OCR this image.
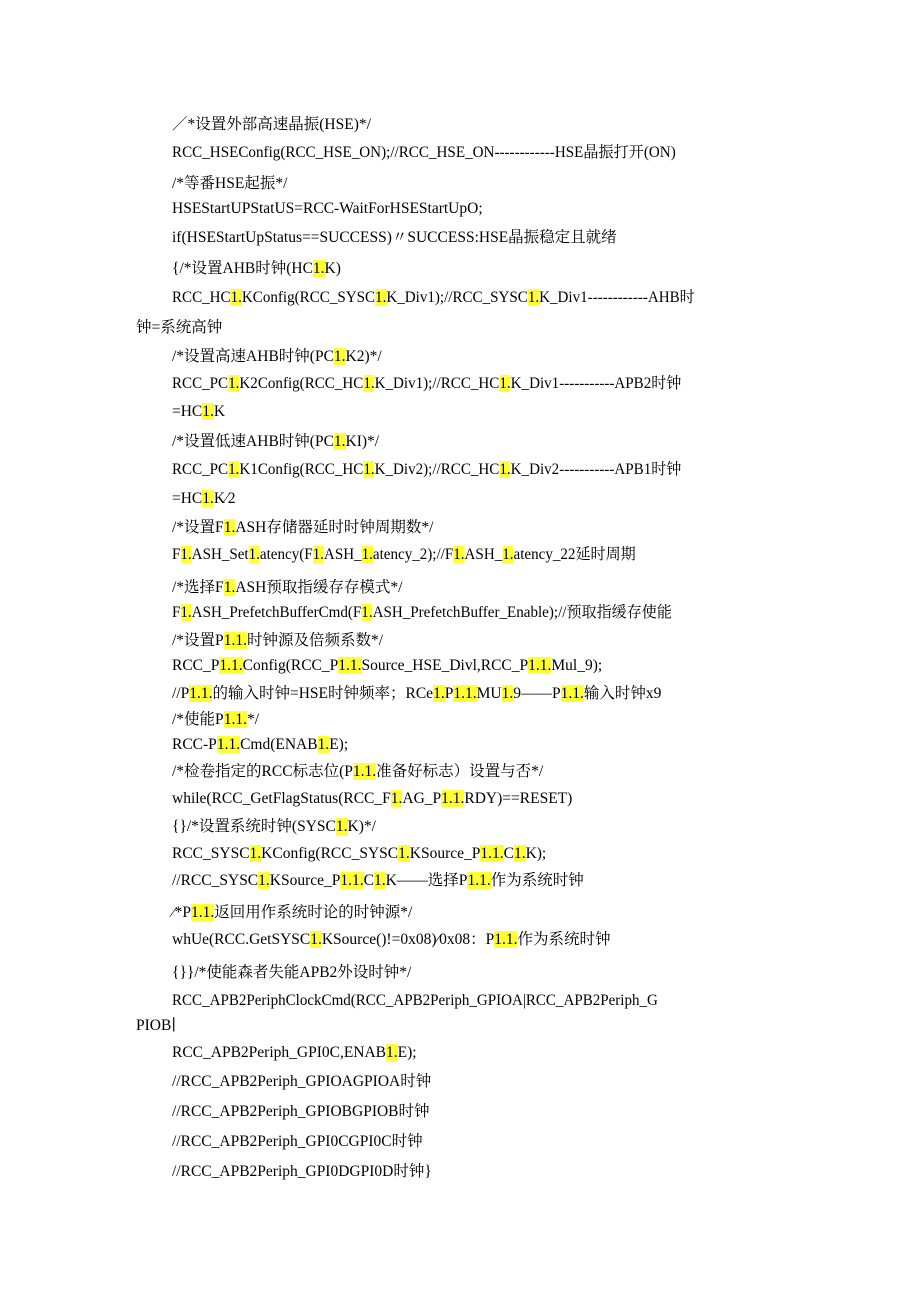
／*设置外部高速晶振(HSE)*/
RCC_HSEConfig(RCC_HSE_ON);//RCC_HSE_ON------------HSE晶振打开(ON)
/*等番HSE起振*/
HSEStartUPStatUS=RCC-WaitForHSEStartUpO;
if(HSEStartUpStatus==SUCCESS)〃SUCCESS:HSE晶振稳定且就绪
{/*设置AHB时钟(HC1.K)
RCC_HC1.KConfig(RCC_SYSC1.K_Div1);//RCC_SYSC1.K_Div1------------AHB时
钟=系统高钟
/*设置高速AHB时钟(PC1.K2)*/
RCC_PC1.K2Config(RCC_HC1.K_Div1);//RCC_HC1.K_Div1-----------APB2时钟
=HC1.K
/*设置低速AHB时钟(PC1.KI)*/
RCC_PC1.K1Config(RCC_HC1.K_Div2);//RCC_HC1.K_Div2-----------APB1时钟
=HC1.K∕2
/*设置F1.ASH存储器延时时钟周期数*/
F1.ASH_Set1.atency(F1.ASH_1.atency_2);//F1.ASH_1.atency_22延时周期
/*选择F1.ASH预取指缓存存模式*/
F1.ASH_PrefetchBufferCmd(F1.ASH_PrefetchBuffer_Enable);//预取指缓存使能
/*设置P1.1.时钟源及倍频系数*/
RCC_P1.1.Config(RCC_P1.1.Source_HSE_Divl,RCC_P1.1.Mul_9);
//P1.1.的输入时钟=HSE时钟频率；RCe1.P1.1.MU1.9——P1.1.输入时钟x9
/*使能P1.1.*/
RCC-P1.1.Cmd(ENAB1.E);
/*检卷指定的RCC标志位(P1.1.准备好标志）设置与否*/
while(RCC_GetFlagStatus(RCC_F1.AG_P1.1.RDY)==RESET)
{}/*设置系统时钟(SYSC1.K)*/
RCC_SYSC1.KConfig(RCC_SYSC1.KSource_P1.1.C1.K);
//RCC_SYSC1.KSource_P1.1.C1.K——选择P1.1.作为系统时钟
∕*P1.1.返回用作系统时论的时钟源*/
whUe(RCC.GetSYSC1.KSource()!=0x08)∕0x08：P1.1.作为系统时钟
{}}/*使能森者失能APB2外设时钟*/
RCC_APB2PeriphClockCmd(RCC_APB2Periph_GPIOA|RCC_APB2Periph_G
PIOB∣
RCC_APB2Periph_GPI0C,ENAB1.E);
//RCC_APB2Periph_GPIOAGPIOA时钟
//RCC_APB2Periph_GPIOBGPIOB时钟
//RCC_APB2Periph_GPI0CGPI0C时钟
//RCC_APB2Periph_GPI0DGPI0D时钟}
